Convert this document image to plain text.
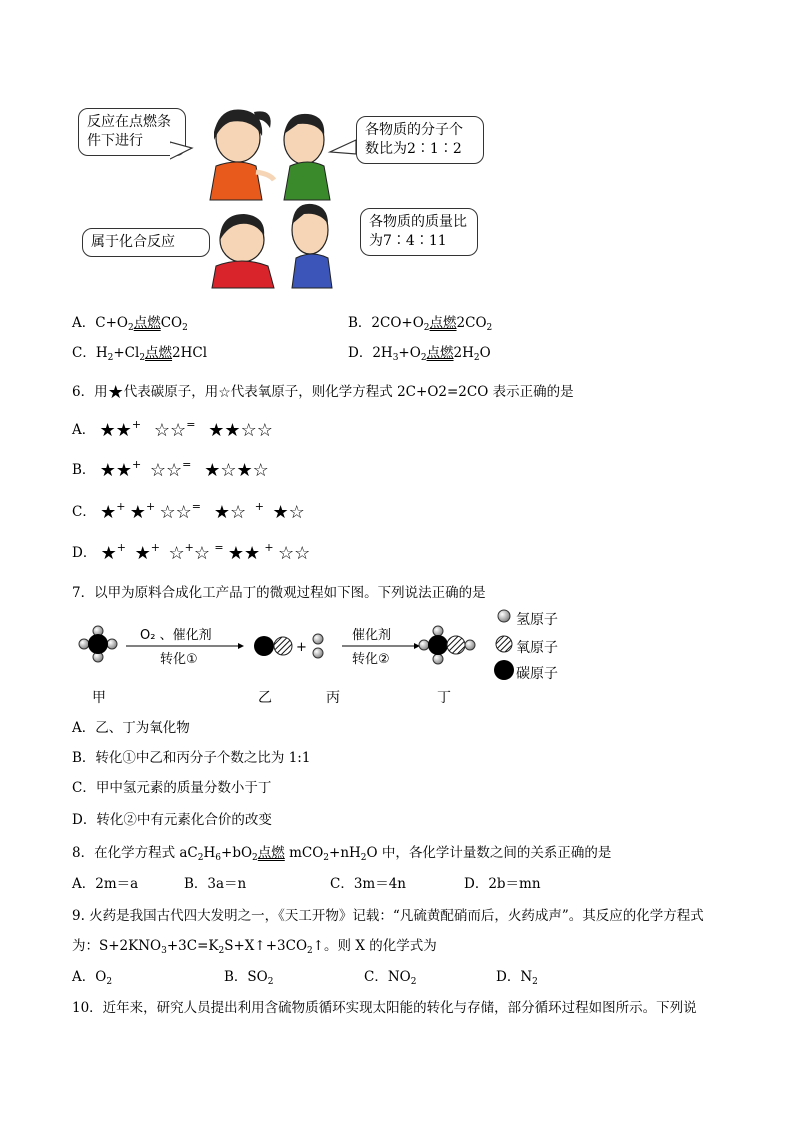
反应在点燃条件下进行
各物质的分子个数比为2∶1∶2
属于化合反应
各物质的质量比为7∶4∶11
A．$C+O_2$点燃$CO_2$	B．$2CO+O_2$点燃$2CO_2$
C．$H_2+Cl_2$点燃2HCl	D．$2H_3+O_2$点燃$2H_2O$
6．用★代表碳原子，用☆代表氧原子，则化学方程式 2C+O2=2CO 表示正确的是
A． ★★+ ☆☆= ★★☆☆
B． ★★+ ☆☆= ★☆★☆
C． ★+ ★+ ☆☆= ★☆ + ★☆
D． ★+ ★+ ☆+☆ = ★★ + ☆☆
7．以甲为原料合成化工产品丁的微观过程如下图。下列说法正确的是
O₂ 、催化剂
转化①
+
催化剂
转化②
氢原子
氧原子
碳原子
甲	乙	丙	丁
A．乙、丁为氧化物
B．转化①中乙和丙分子个数之比为 1:1
C．甲中氢元素的质量分数小于丁
D．转化②中有元素化合价的改变
8．在化学方程式 $aC_2H_6+bO_2$点燃 $mCO_2+nH_2O$ 中，各化学计量数之间的关系正确的是
A．2m＝a	B．3a＝n	C．3m＝4n	D．2b＝mn
9. 火药是我国古代四大发明之一，《天工开物》记载：“凡硫黄配硝而后，火药成声”。其反应的化学方程式
为：$S+2KNO_3+3C=K_2S+X↑+3CO_2↑$。则 X 的化学式为
A．$O_2$	B．$SO_2$	C．$NO_2$	D．$N_2$
10．近年来，研究人员提出利用含硫物质循环实现太阳能的转化与存储，部分循环过程如图所示。下列说
